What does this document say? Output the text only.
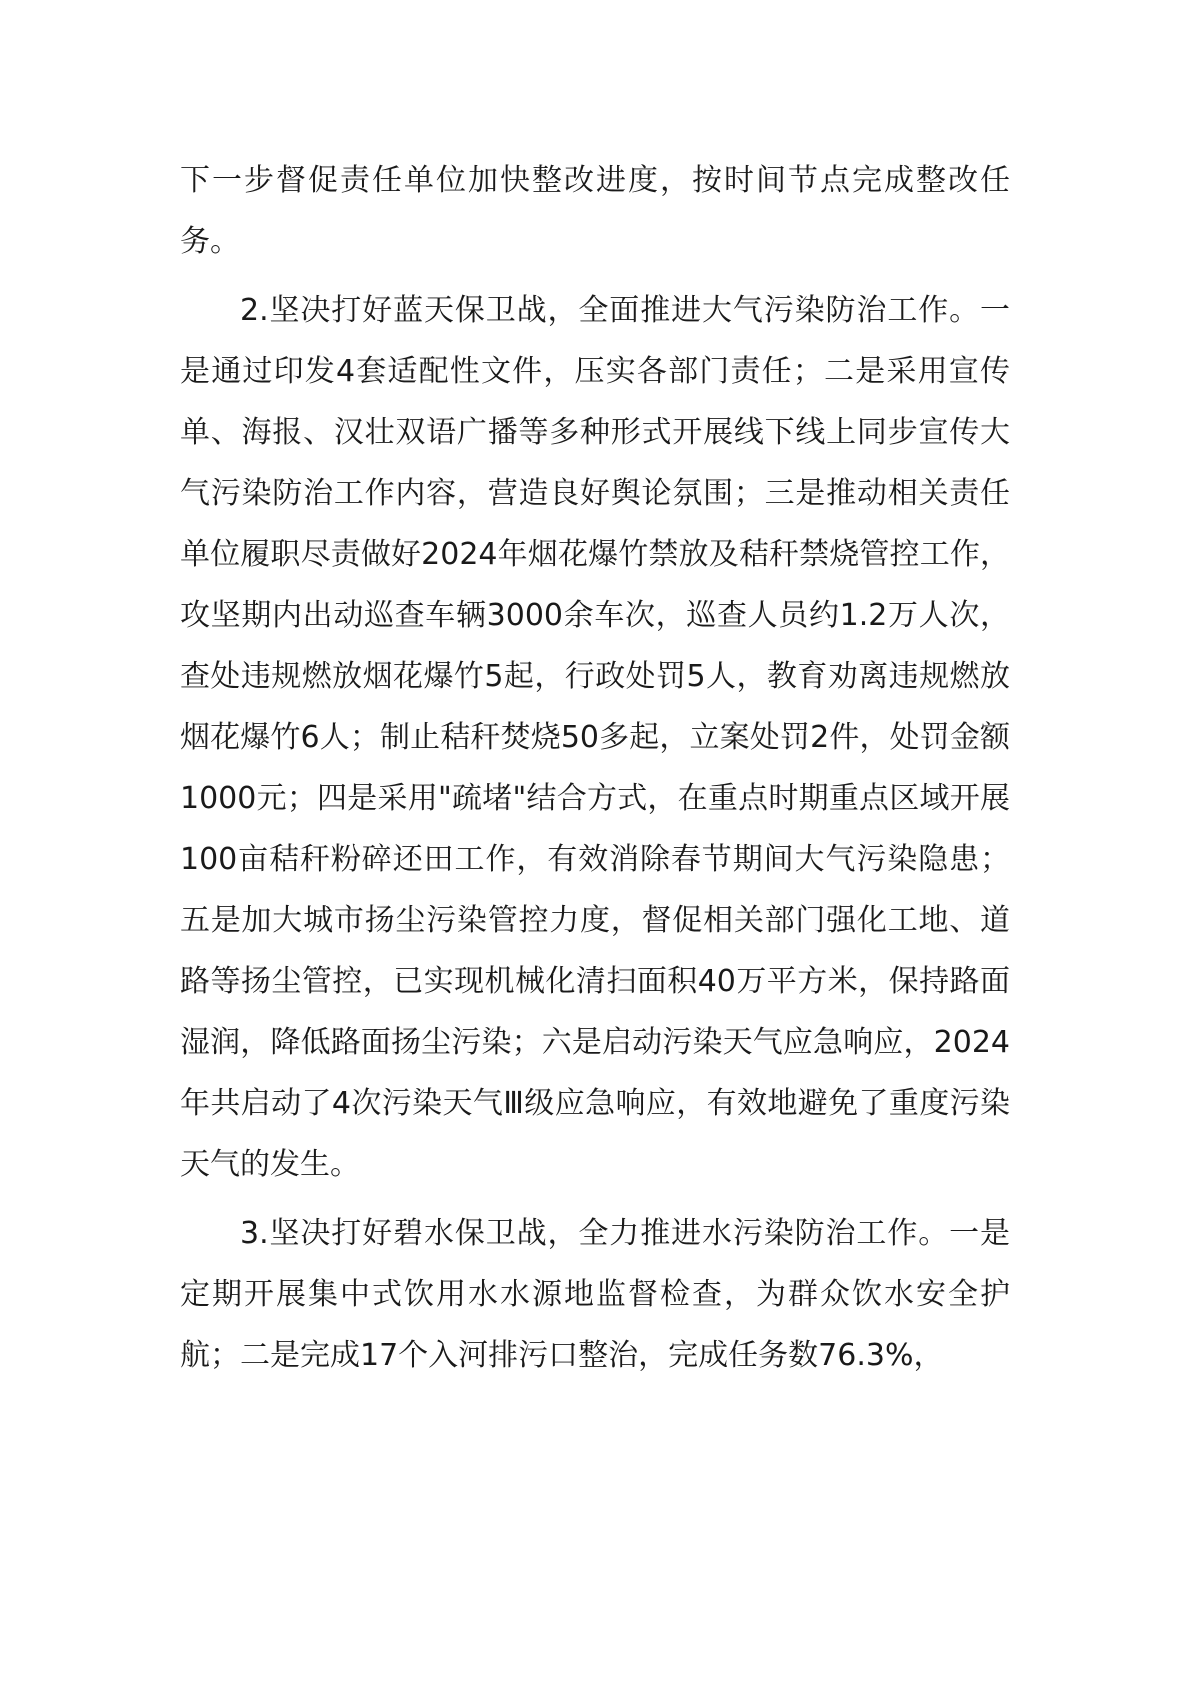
下一步督促责任单位加快整改进度，按时间节点完成整改任务。

2.坚决打好蓝天保卫战，全面推进大气污染防治工作。一是通过印发4套适配性文件，压实各部门责任；二是采用宣传单、海报、汉壮双语广播等多种形式开展线下线上同步宣传大气污染防治工作内容，营造良好舆论氛围；三是推动相关责任单位履职尽责做好2024年烟花爆竹禁放及秸秆禁烧管控工作，攻坚期内出动巡查车辆3000余车次，巡查人员约1.2万人次，查处违规燃放烟花爆竹5起，行政处罚5人，教育劝离违规燃放烟花爆竹6人；制止秸秆焚烧50多起，立案处罚2件，处罚金额1000元；四是采用"疏堵"结合方式，在重点时期重点区域开展100亩秸秆粉碎还田工作，有效消除春节期间大气污染隐患；五是加大城市扬尘污染管控力度，督促相关部门强化工地、道路等扬尘管控，已实现机械化清扫面积40万平方米，保持路面湿润，降低路面扬尘污染；六是启动污染天气应急响应，2024年共启动了4次污染天气Ⅲ级应急响应，有效地避免了重度污染天气的发生。

3.坚决打好碧水保卫战，全力推进水污染防治工作。一是定期开展集中式饮用水水源地监督检查，为群众饮水安全护航；二是完成17个入河排污口整治，完成任务数76.3%，
